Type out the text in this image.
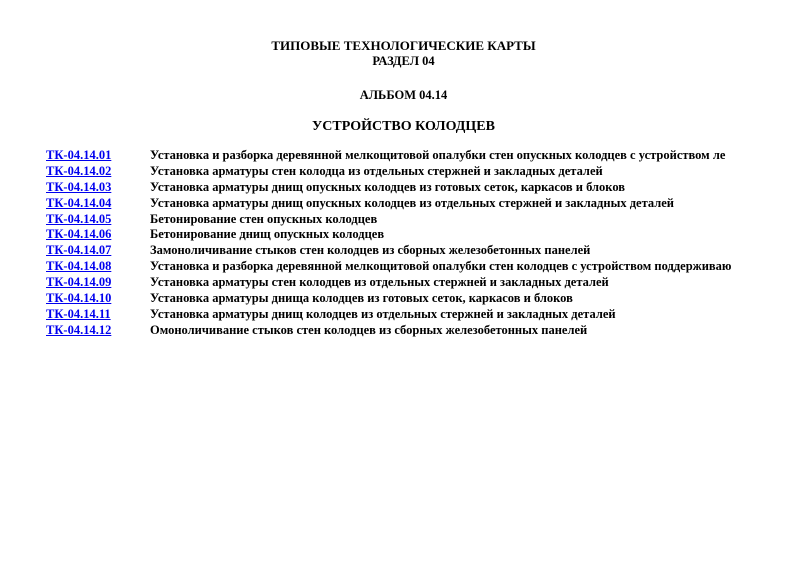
ТИПОВЫЕ ТЕХНОЛОГИЧЕСКИЕ КАРТЫ
РАЗДЕЛ 04
АЛЬБОМ 04.14
УСТРОЙСТВО КОЛОДЦЕВ
ТК-04.14.01	Установка и разборка деревянной мелкощитовой опалубки стен опускных колодцев с устройством ле
ТК-04.14.02	Установка арматуры стен колодца из отдельных стержней и закладных деталей
ТК-04.14.03	Установка арматуры днищ опускных колодцев из готовых сеток, каркасов и блоков
ТК-04.14.04	Установка арматуры днищ опускных колодцев из отдельных стержней и закладных деталей
ТК-04.14.05	Бетонирование стен опускных колодцев
ТК-04.14.06	Бетонирование днищ опускных колодцев
ТК-04.14.07	Замоноличивание стыков стен колодцев из сборных железобетонных панелей
ТК-04.14.08	Установка и разборка деревянной мелкощитовой опалубки стен колодцев с устройством поддерживаю
ТК-04.14.09	Установка арматуры стен колодцев из отдельных стержней и закладных деталей
ТК-04.14.10	Установка арматуры днища колодцев из готовых сеток, каркасов и блоков
ТК-04.14.11	Установка арматуры днищ колодцев из отдельных стержней и закладных деталей
ТК-04.14.12	Омоноличивание стыков стен колодцев из сборных железобетонных панелей
